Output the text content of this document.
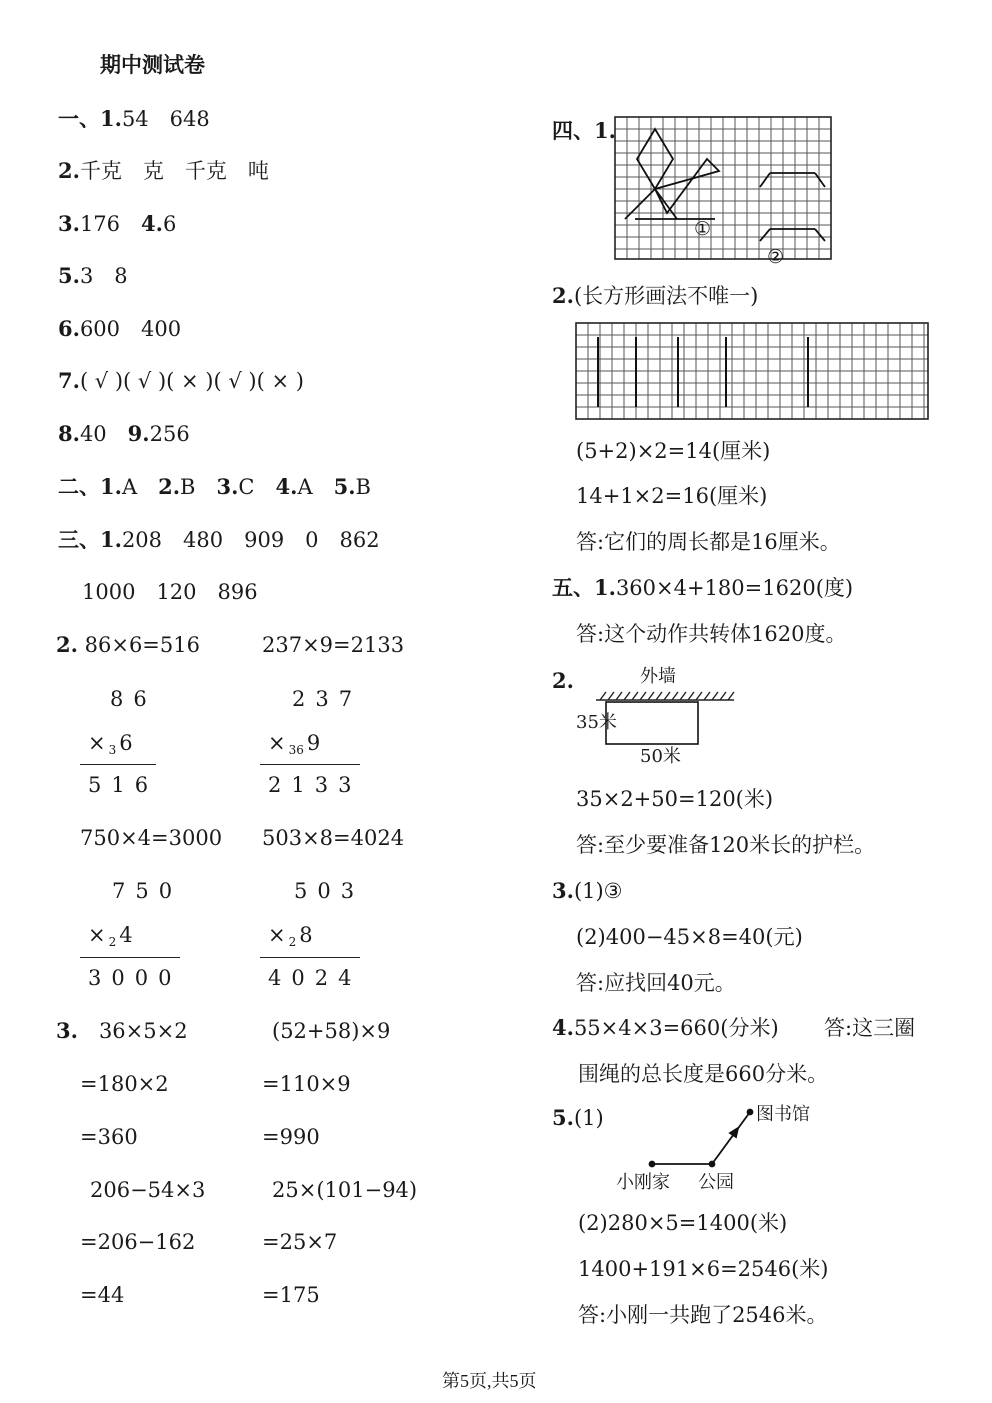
期中测试卷
一、1.54　648
2.千克　克　千克　吨
3.176　 4.6
5.3　8
6.600　400
7.( √ )( √ )( × )( √ )( × )
8.40　 9.256
二、1.A　 2.B　 3.C　 4.A　 5.B
三、1.208　480　909　0　862
1000　120　896
2. 86×6=516	237×9=2133
86
× 3 6
516
237
× 36 9
2133
750×4=3000 503×8=4024
750
× 2 4
3000
503
× 2 8
4024
3.　 36×5×2	(52+58)×9
=180×2	=110×9
=360	=990
206−54×3	25×(101−94)
=206−162	=25×7
=44	=175
四、1.
①
②
2.(长方形画法不唯一)
(5+2)×2=14(厘米)
14+1×2=16(厘米)
答:它们的周长都是16厘米。
五、1.360×4+180=1620(度)
答:这个动作共转体1620度。
2.	外墙
35米
50米
35×2+50=120(米)
答:至少要准备120米长的护栏。
3.(1)③
(2)400−45×8=40(元)
答:应找回40元。
4.55×4×3=660(分米) 答:这三圈
围绳的总长度是660分米。
5.(1)	图书馆
小刚家 公园
(2)280×5=1400(米)
1400+191×6=2546(米)
答:小刚一共跑了2546米。
第5页,共5页
